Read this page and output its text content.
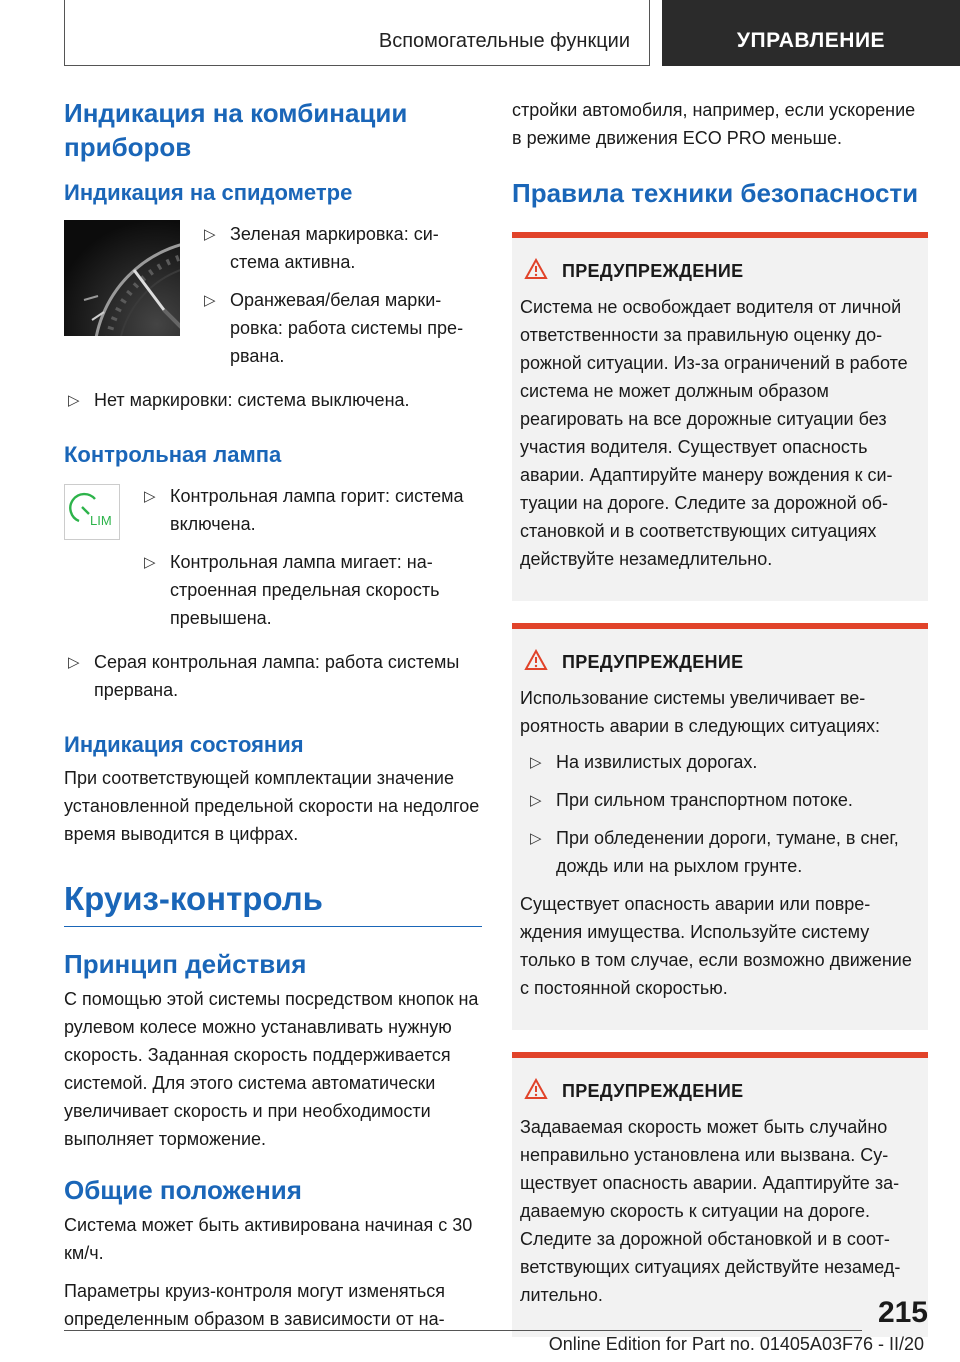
Вспомогательные функции	УПРАВЛЕНИЕ
Индикация на комбинации приборов
Индикация на спидометре
▷ Зеленая маркировка: система активна.
▷ Оранжевая/белая маркировка: работа системы прервана.
▷ Нет маркировки: система выключена.
Контрольная лампа
LIM
▷ Контрольная лампа горит: система включена.
▷ Контрольная лампа мигает: настроенная предельная скорость превышена.
▷ Серая контрольная лампа: работа системы прервана.
Индикация состояния

При соответствующей комплектации значение установленной предельной скорости на недолгое время выводится в цифрах.

Круиз-контроль
Принцип действия

С помощью этой системы посредством кнопок на рулевом колесе можно устанавливать нужную скорость. Заданная скорость поддерживается системой. Для этого система автоматически увеличивает скорость и при необходимости выполняет торможение.

Общие положения

Система может быть активирована начиная с 30 км/ч.

Параметры круиз-контроля могут изменяться определенным образом в зависимости от на-

стройки автомобиля, например, если ускорение в режиме движения ECO PRO меньше.

Правила техники безопасности
ПРЕДУПРЕЖДЕНИЕ

Система не освобождает водителя от личной ответственности за правильную оценку дорожной ситуации. Из-за ограничений в работе система не может должным образом реагировать на все дорожные ситуации без участия водителя. Существует опасность аварии. Адаптируйте манеру вождения к ситуации на дороге. Следите за дорожной обстановкой и в соответствующих ситуациях действуйте незамедлительно.

ПРЕДУПРЕЖДЕНИЕ

Использование системы увеличивает вероятность аварии в следующих ситуациях:

▷ На извилистых дорогах.
▷ При сильном транспортном потоке.
▷ При обледенении дороги, тумане, в снег, дождь или на рыхлом грунте.

Существует опасность аварии или повреждения имущества. Используйте систему только в том случае, если возможно движение с постоянной скоростью.

ПРЕДУПРЕЖДЕНИЕ

Задаваемая скорость может быть случайно неправильно установлена или вызвана. Существует опасность аварии. Адаптируйте задаваемую скорость к ситуации на дороге. Следите за дорожной обстановкой и в соответствующих ситуациях действуйте незамедлительно.

215
Online Edition for Part no. 01405A03F76 - II/20
